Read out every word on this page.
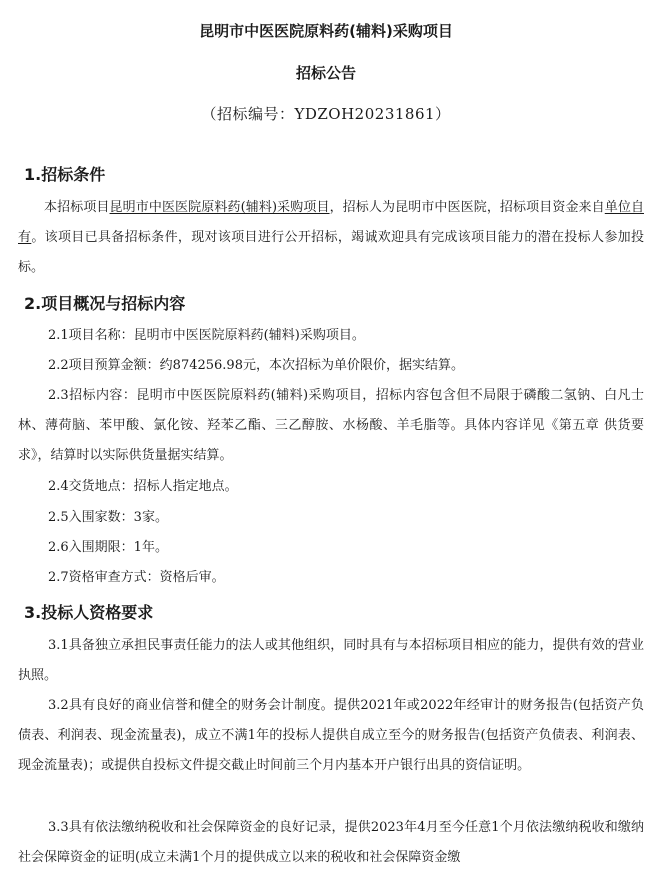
昆明市中医医院原料药(辅料)采购项目

招标公告

（招标编号：YDZOH20231861）

1.招标条件

本招标项目昆明市中医医院原料药(辅料)采购项目，招标人为昆明市中医医院，招标项目资金来自单位自有。该项目已具备招标条件，现对该项目进行公开招标，竭诚欢迎具有完成该项目能力的潜在投标人参加投标。

2.项目概况与招标内容

2.1项目名称：昆明市中医医院原料药(辅料)采购项目。

2.2项目预算金额：约874256.98元，本次招标为单价限价，据实结算。

2.3招标内容：昆明市中医医院原料药(辅料)采购项目，招标内容包含但不局限于磷酸二氢钠、白凡士林、薄荷脑、苯甲酸、氯化铵、羟苯乙酯、三乙醇胺、水杨酸、羊毛脂等。具体内容详见《第五章 供货要求》，结算时以实际供货量据实结算。

2.4交货地点：招标人指定地点。

2.5入围家数：3家。

2.6入围期限：1年。

2.7资格审查方式：资格后审。

3.投标人资格要求

3.1具备独立承担民事责任能力的法人或其他组织，同时具有与本招标项目相应的能力，提供有效的营业执照。

3.2具有良好的商业信誉和健全的财务会计制度。提供2021年或2022年经审计的财务报告(包括资产负债表、利润表、现金流量表)，成立不满1年的投标人提供自成立至今的财务报告(包括资产负债表、利润表、现金流量表)；或提供自投标文件提交截止时间前三个月内基本开户银行出具的资信证明。

3.3具有依法缴纳税收和社会保障资金的良好记录，提供2023年4月至今任意1个月依法缴纳税收和缴纳社会保障资金的证明(成立未满1个月的提供成立以来的税收和社会保障资金缴
